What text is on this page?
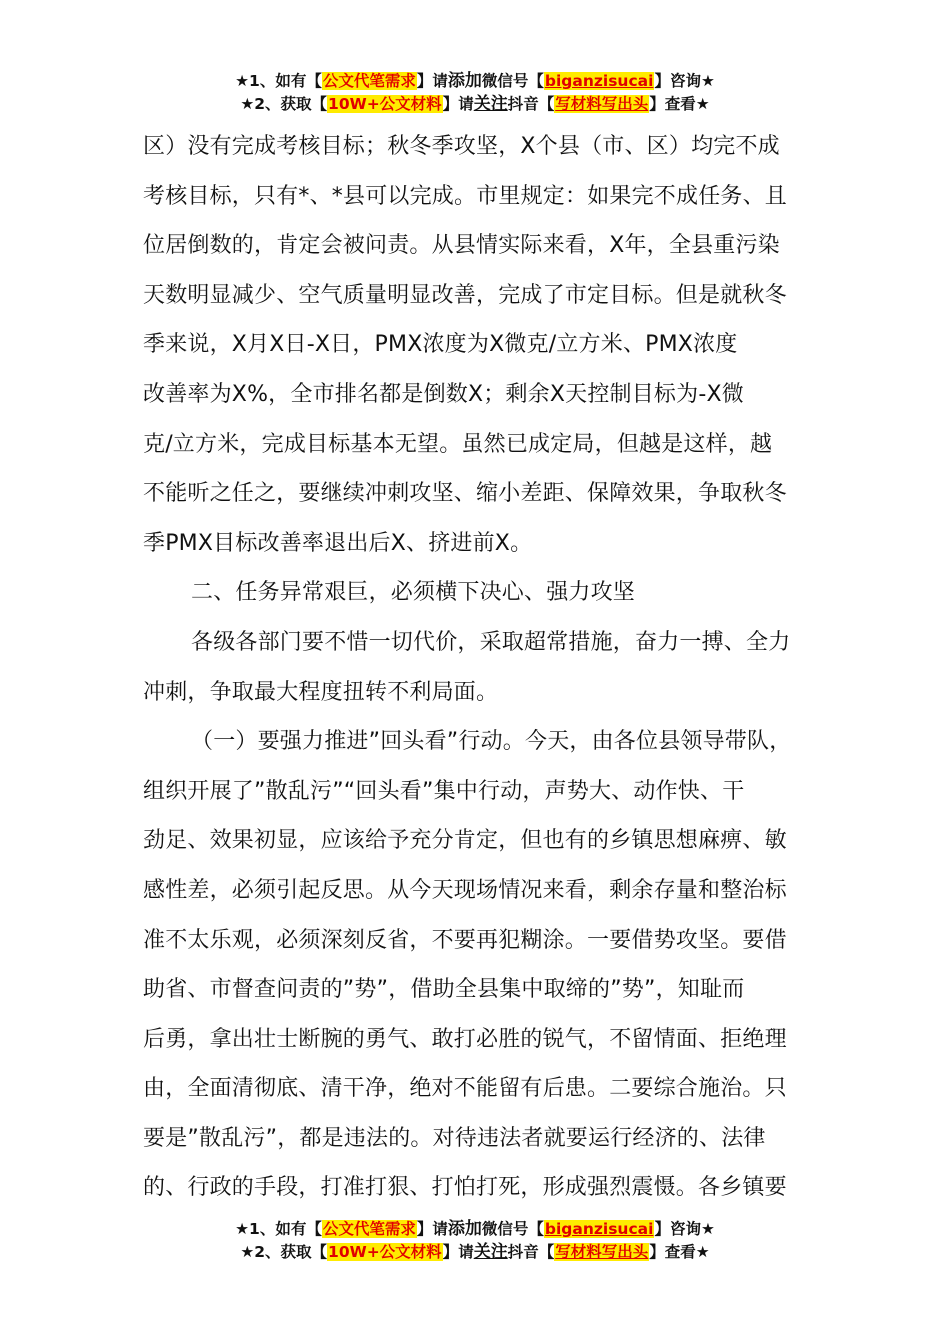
★1、如有【公文代笔需求】请添加微信号【biganzisucai】咨询★
★2、获取【10W+公文材料】请关注抖音【写材料写出头】查看★
区）没有完成考核目标；秋冬季攻坚，X个县（市、区）均完不成
考核目标，只有*、*县可以完成。市里规定：如果完不成任务、且
位居倒数的，肯定会被问责。从县情实际来看，X年，全县重污染
天数明显减少、空气质量明显改善，完成了市定目标。但是就秋冬
季来说，X月X日-X日，PMX浓度为X微克/立方米、PMX浓度
改善率为X%，全市排名都是倒数X；剩余X天控制目标为-X微
克/立方米，完成目标基本无望。虽然已成定局，但越是这样，越
不能听之任之，要继续冲刺攻坚、缩小差距、保障效果，争取秋冬
季PMX目标改善率退出后X、挤进前X。
二、任务异常艰巨，必须横下决心、强力攻坚
各级各部门要不惜一切代价，采取超常措施，奋力一搏、全力
冲刺，争取最大程度扭转不利局面。
（一）要强力推进”回头看”行动。今天，由各位县领导带队，
组织开展了”散乱污”“回头看”集中行动，声势大、动作快、干
劲足、效果初显，应该给予充分肯定，但也有的乡镇思想麻痹、敏
感性差，必须引起反思。从今天现场情况来看，剩余存量和整治标
准不太乐观，必须深刻反省，不要再犯糊涂。一要借势攻坚。要借
助省、市督查问责的”势”，借助全县集中取缔的”势”，知耻而
后勇，拿出壮士断腕的勇气、敢打必胜的锐气，不留情面、拒绝理
由，全面清彻底、清干净，绝对不能留有后患。二要综合施治。只
要是”散乱污”，都是违法的。对待违法者就要运行经济的、法律
的、行政的手段，打准打狠、打怕打死，形成强烈震慑。各乡镇要
★1、如有【公文代笔需求】请添加微信号【biganzisucai】咨询★
★2、获取【10W+公文材料】请关注抖音【写材料写出头】查看★
